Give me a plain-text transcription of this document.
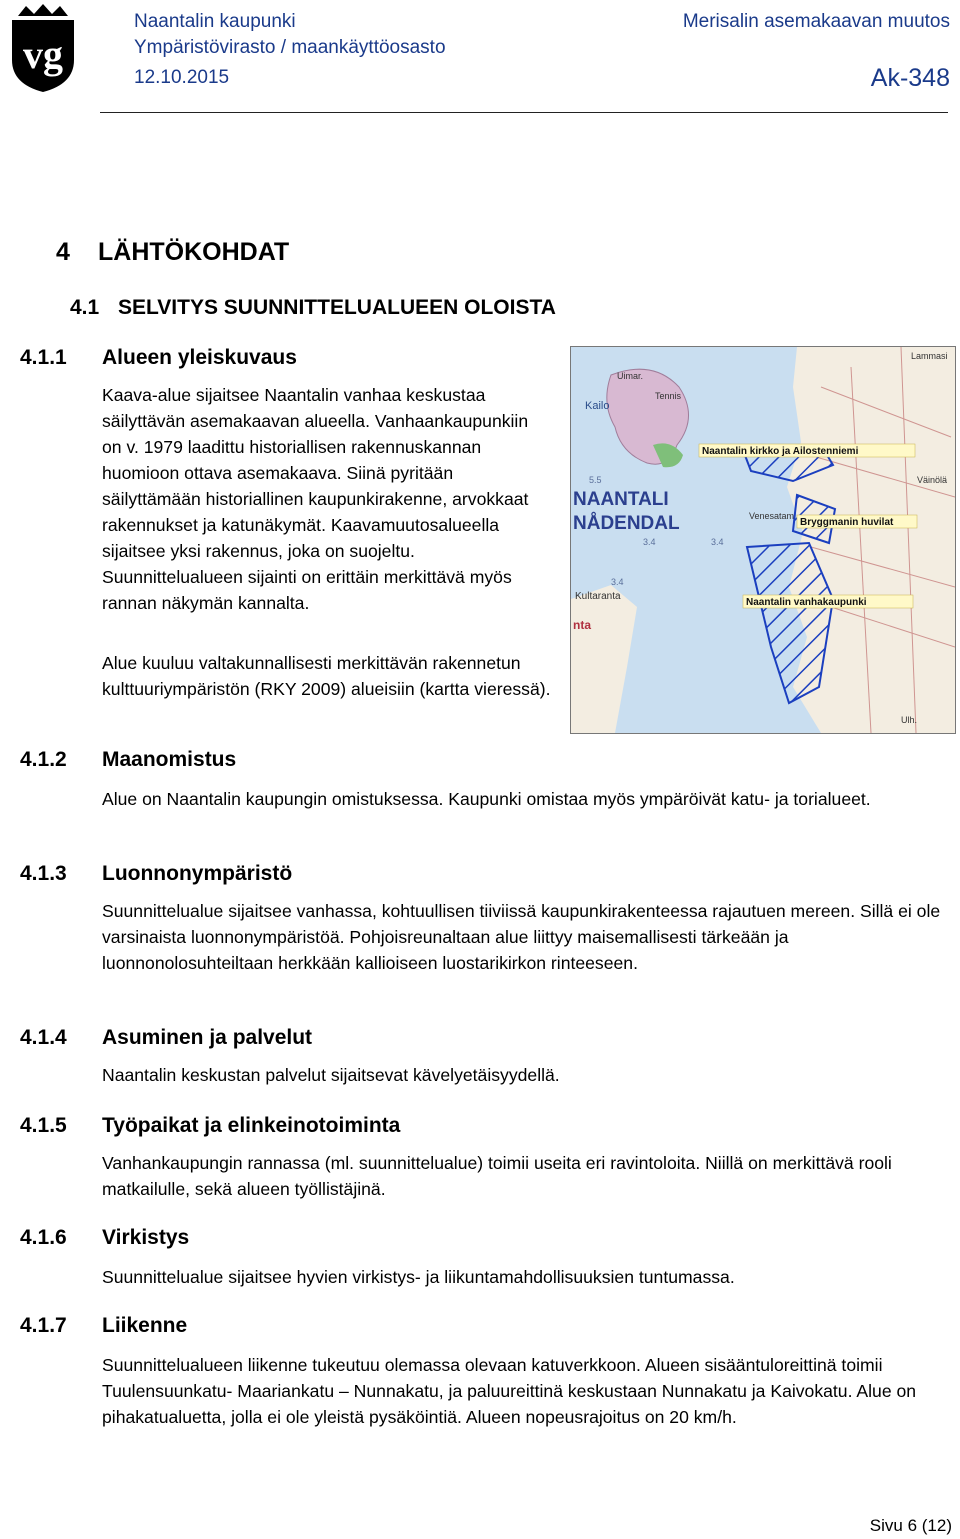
vg
Naantalin kaupunki
Ympäristövirasto / maankäyttöosasto
12.10.2015
Merisalin asemakaavan muutos
Ak-348
4 LÄHTÖKOHDAT
4.1 SELVITYS SUUNNITTELUALUEEN OLOISTA
4.1.1 Alueen yleiskuvaus
Kaava-alue sijaitsee Naantalin vanhaa keskustaa säilyttävän asemakaavan alueella. Vanhaankaupunkiin on v. 1979 laadittu historiallisen rakennuskannan huomioon ottava asemakaava. Siinä pyritään säilyttämään historiallinen kaupunkirakenne, arvokkaat rakennukset ja katunäkymät. Kaavamuutosalueella sijaitsee yksi rakennus, joka on suojeltu. Suunnittelualueen sijainti on erittäin merkittävä myös rannan näkymän kannalta.
Alue kuuluu valtakunnallisesti merkittävän rakennetun kulttuuriympäristön (RKY 2009) alueisiin (kartta vieressä).
Uimar.
Tennis
Kailo
Lammasi
Väinölä
Venesatam
Kultaranta
nta
Ulh.
5.5
3.4	3.4
3.4
NAANTALI
NÅDENDAL
Naantalin kirkko ja Ailostenniemi
Bryggmanin huvilat
Naantalin vanhakaupunki
4.1.2 Maanomistus
Alue on Naantalin kaupungin omistuksessa. Kaupunki omistaa myös ympäröivät katu- ja torialueet.
4.1.3 Luonnonympäristö
Suunnittelualue sijaitsee vanhassa, kohtuullisen tiiviissä kaupunkirakenteessa rajautuen mereen. Sillä ei ole varsinaista luonnonympäristöä. Pohjoisreunaltaan alue liittyy maisemallisesti tärkeään ja luonnonolosuhteiltaan herkkään kallioiseen luostarikirkon rinteeseen.
4.1.4 Asuminen ja palvelut
Naantalin keskustan palvelut sijaitsevat kävelyetäisyydellä.
4.1.5 Työpaikat ja elinkeinotoiminta
Vanhankaupungin rannassa (ml. suunnittelualue) toimii useita eri ravintoloita. Niillä on merkittävä rooli matkailulle, sekä alueen työllistäjinä.
4.1.6 Virkistys
Suunnittelualue sijaitsee hyvien virkistys- ja liikuntamahdollisuuksien tuntumassa.
4.1.7 Liikenne
Suunnittelualueen liikenne tukeutuu olemassa olevaan katuverkkoon. Alueen sisääntuloreittinä toimii Tuulensuunkatu- Maariankatu – Nunnakatu, ja paluureittinä keskustaan Nunnakatu ja Kaivokatu. Alue on pihakatualuetta, jolla ei ole yleistä pysäköintiä. Alueen nopeusrajoitus on 20 km/h.
Sivu 6 (12)
